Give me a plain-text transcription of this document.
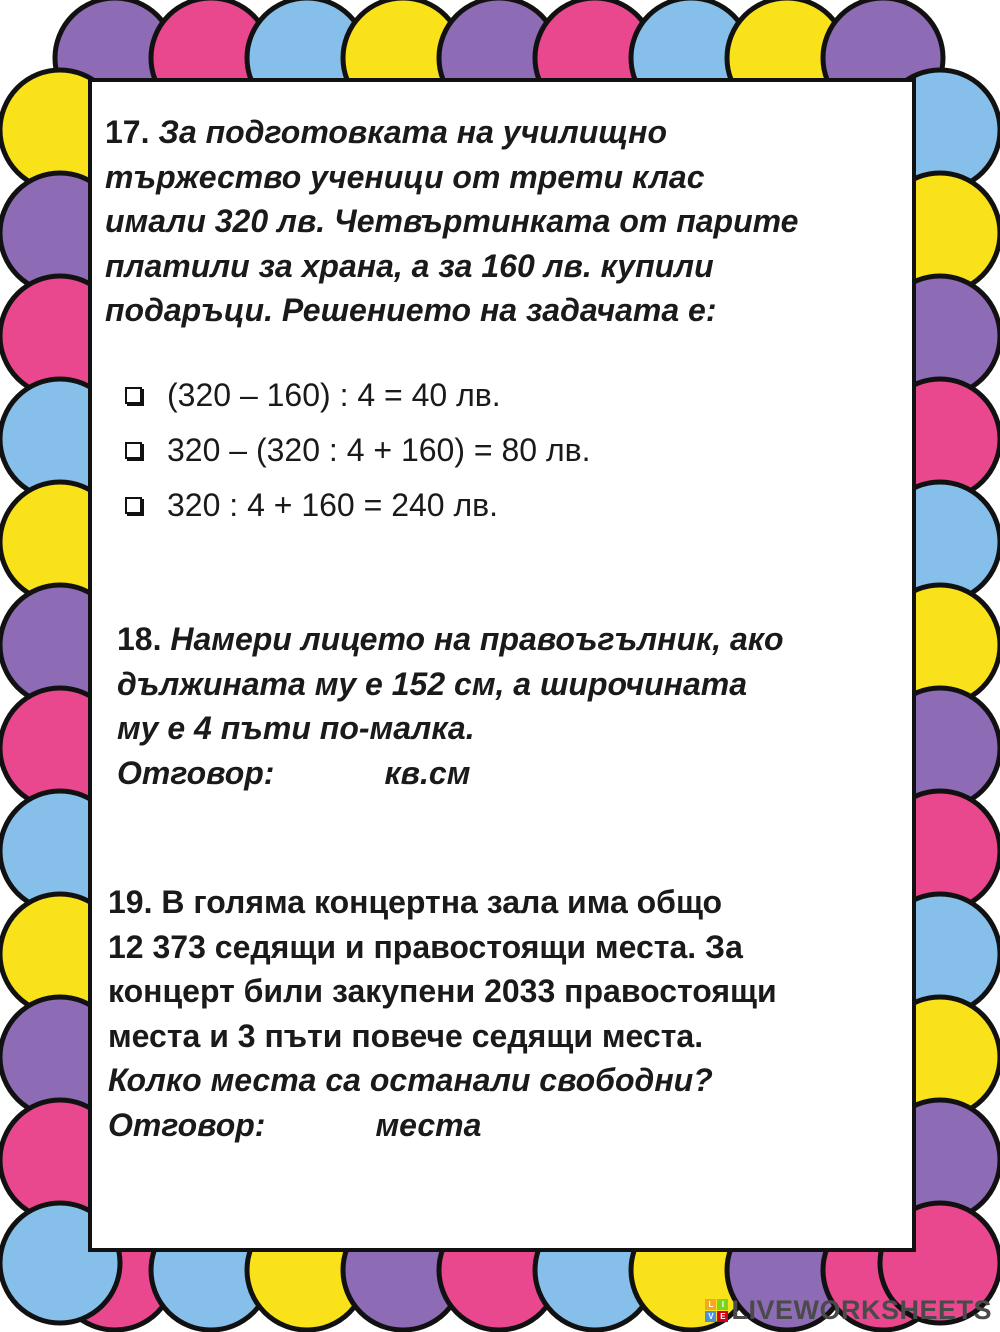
17. За подготовката на училищно
тържество ученици от трети клас
имали 320 лв. Четвъртинката от парите
платили за храна, а за 160 лв. купили
подаръци. Решението на задачата е:
(320 – 160) : 4 = 40 лв.
320 – (320 : 4 + 160) = 80 лв.
320 : 4 + 160 = 240 лв.
18. Намери лицето на правоъгълник, ако
дължината му е 152 см, а широчината
му е 4 пъти по-малка.
Отговор:	кв.см
19. В голяма концертна зала има общо
12 373 седящи и правостоящи места. За
концерт били закупени 2033 правостоящи
места и 3 пъти повече седящи места.
Колко места са останали свободни?
Отговор:	места
L	I
V E LIVEWORKSHEETS
